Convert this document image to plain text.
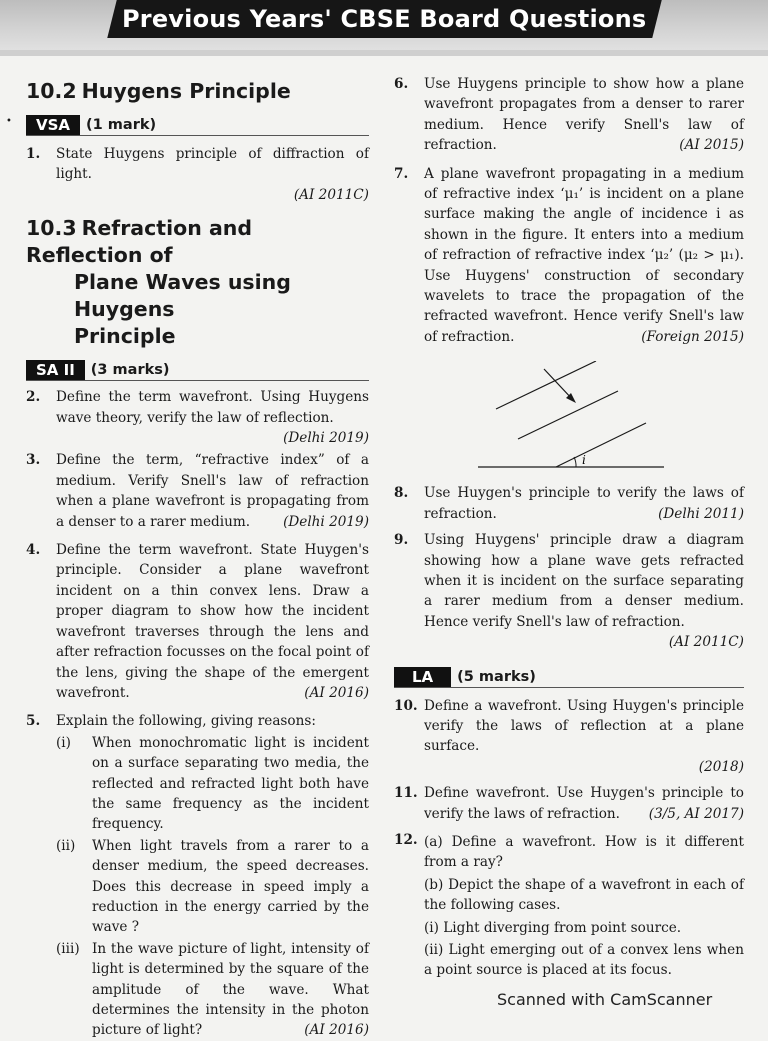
Previous Years' CBSE Board Questions
•
10.2 Huygens Principle
VSA	(1 mark)
1.	State Huygens principle of diffraction of light.
(AI 2011C)
10.3 Refraction and Reflection of
Plane Waves using Huygens
Principle
SA II	(3 marks)
2.	Define the term wavefront. Using Huygens wave theory, verify the law of reflection.
(Delhi 2019)
3.	Define the term, “refractive index” of a medium. Verify Snell's law of refraction when a plane wavefront is propagating from a denser to a rarer medium. (Delhi 2019)
4.	Define the term wavefront. State Huygen's principle. Consider a plane wavefront incident on a thin convex lens. Draw a proper diagram to show how the incident wavefront traverses through the lens and after refraction focusses on the focal point of the lens, giving the shape of the emergent wavefront.	(AI 2016)
5.	Explain the following, giving reasons:
(i)	When monochromatic light is incident on a surface separating two media, the reflected and refracted light both have the same frequency as the incident frequency.
(ii)	When light travels from a rarer to a denser medium, the speed decreases. Does this decrease in speed imply a reduction in the energy carried by the wave ?
(iii) In the wave picture of light, intensity of light is determined by the square of the amplitude of the wave. What determines the intensity in the photon picture of light?	(AI 2016)
6.	Use Huygens principle to show how a plane wavefront propagates from a denser to rarer medium. Hence verify Snell's law of refraction.	(AI 2015)
7.	A plane wavefront propagating in a medium of refractive index ‘μ₁’ is incident on a plane surface making the angle of incidence i as shown in the figure. It enters into a medium of refraction of refractive index ‘μ₂’ (μ₂ > μ₁). Use Huygens' construction of secondary wavelets to trace the propagation of the refracted wavefront. Hence verify Snell's law of refraction.	(Foreign 2015)
i
8.	Use Huygen's principle to verify the laws of refraction.	(Delhi 2011)
9.	Using Huygens' principle draw a diagram showing how a plane wave gets refracted when it is incident on the surface separating a rarer medium from a denser medium. Hence verify Snell's law of refraction.
(AI 2011C)
LA	(5 marks)
10. Define a wavefront. Using Huygen's principle verify the laws of reflection at a plane surface.
(2018)
11. Define wavefront. Use Huygen's principle to verify the laws of refraction. (3/5, AI 2017)
12. (a) Define a wavefront. How is it different from a ray?
(b) Depict the shape of a wavefront in each of the following cases.
(i) Light diverging from point source.
(ii) Light emerging out of a convex lens when a point source is placed at its focus.
Scanned with CamScanner
